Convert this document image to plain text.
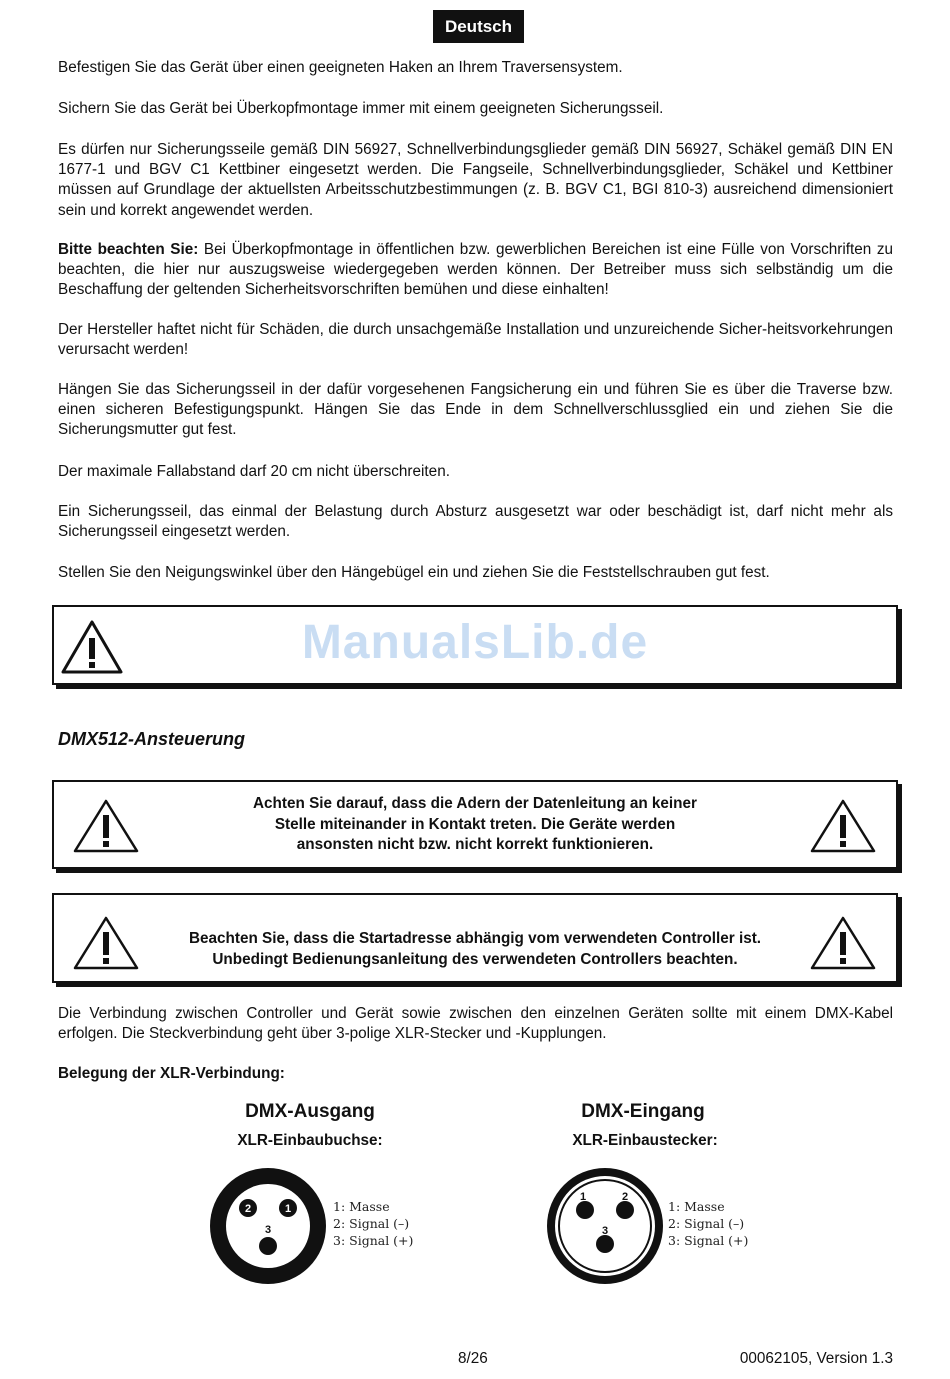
Deutsch

Befestigen Sie das Gerät über einen geeigneten Haken an Ihrem Traversensystem.

Sichern Sie das Gerät bei Überkopfmontage immer mit einem geeigneten Sicherungsseil.

Es dürfen nur Sicherungsseile gemäß DIN 56927, Schnellverbindungsglieder gemäß DIN 56927, Schäkel gemäß DIN EN 1677-1 und BGV C1 Kettbiner eingesetzt werden. Die Fangseile, Schnellverbindungsglieder, Schäkel und Kettbiner müssen auf Grundlage der aktuellsten Arbeitsschutzbestimmungen (z. B. BGV C1, BGI 810-3) ausreichend dimensioniert sein und korrekt angewendet werden.

Bitte beachten Sie: Bei Überkopfmontage in öffentlichen bzw. gewerblichen Bereichen ist eine Fülle von Vorschriften zu beachten, die hier nur auszugsweise wiedergegeben werden können. Der Betreiber muss sich selbständig um die Beschaffung der geltenden Sicherheitsvorschriften bemühen und diese einhalten!

Der Hersteller haftet nicht für Schäden, die durch unsachgemäße Installation und unzureichende Sicher-heitsvorkehrungen verursacht werden!

Hängen Sie das Sicherungsseil in der dafür vorgesehenen Fangsicherung ein und führen Sie es über die Traverse bzw. einen sicheren Befestigungspunkt. Hängen Sie das Ende in dem Schnellverschlussglied ein und ziehen Sie die Sicherungsmutter gut fest.

Der maximale Fallabstand darf 20 cm nicht überschreiten.

Ein Sicherungsseil, das einmal der Belastung durch Absturz ausgesetzt war oder beschädigt ist, darf nicht mehr als Sicherungsseil eingesetzt werden.

Stellen Sie den Neigungswinkel über den Hängebügel ein und ziehen Sie die Feststellschrauben gut fest.

ManualsLib.de
DMX512-Ansteuerung
Achten Sie darauf, dass die Adern der Datenleitung an keiner
Stelle miteinander in Kontakt treten. Die Geräte werden
ansonsten nicht bzw. nicht korrekt funktionieren.
Beachten Sie, dass die Startadresse abhängig vom verwendeten Controller ist.
Unbedingt Bedienungsanleitung des verwendeten Controllers beachten.

Die Verbindung zwischen Controller und Gerät sowie zwischen den einzelnen Geräten sollte mit einem DMX-Kabel erfolgen. Die Steckverbindung geht über 3-polige XLR-Stecker und -Kupplungen.

Belegung der XLR-Verbindung:
DMX-Ausgang
XLR-Einbaubuchse:
2	1
3
1: Masse
2: Signal (–)
3: Signal (+)
DMX-Eingang
XLR-Einbaustecker:
1	2
3
1: Masse
2: Signal (–)
3: Signal (+)
8/26	00062105, Version 1.3
